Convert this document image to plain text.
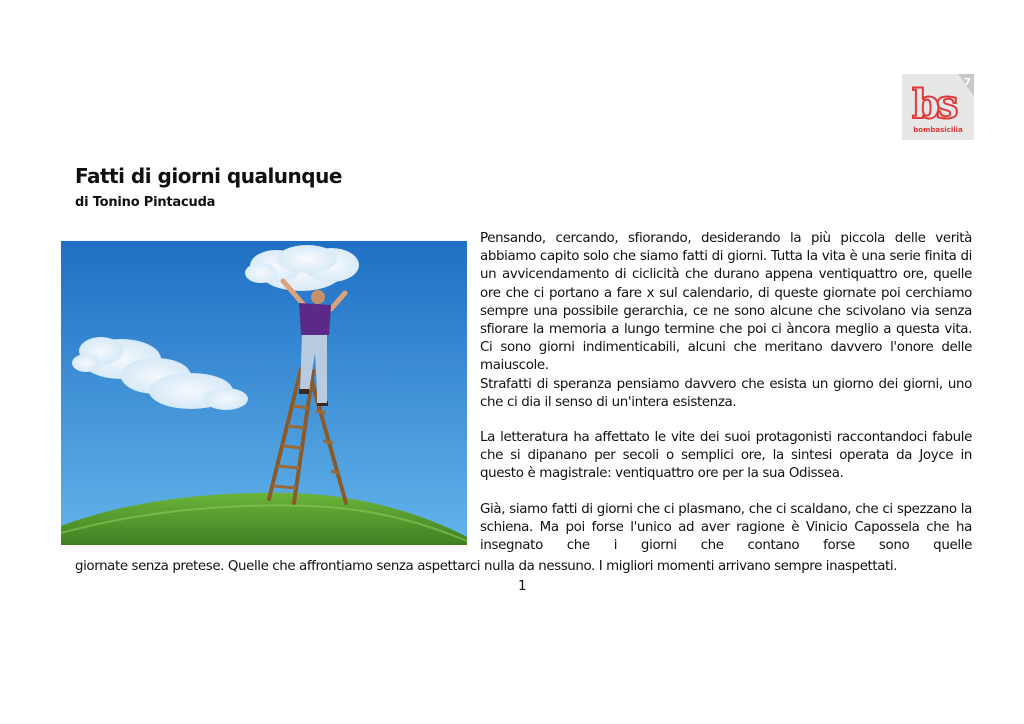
bs 7
bombasicilia
Fatti di giorni qualunque
di Tonino Pintacuda

Pensando, cercando, sfiorando, desiderando la più piccola delle verità abbiamo capito solo che siamo fatti di giorni. Tutta la vita è una serie finita di un avvicendamento di ciclicità che durano appena ventiquattro ore, quelle ore che ci portano a fare x sul calendario, di queste giornate poi cerchiamo sempre una possibile gerarchia, ce ne sono alcune che scivolano via senza sfiorare la memoria a lungo termine che poi ci àncora meglio a questa vita. Ci sono giorni indimenticabili, alcuni che meritano davvero l'onore delle maiuscole.

Strafatti di speranza pensiamo davvero che esista un giorno dei giorni, uno che ci dia il senso di un'intera esistenza.

La letteratura ha affettato le vite dei suoi protagonisti raccontandoci fabule che si dipanano per secoli o semplici ore, la sintesi operata da Joyce in questo è magistrale: ventiquattro ore per la sua Odissea.

Già, siamo fatti di giorni che ci plasmano, che ci scaldano, che ci spezzano la schiena. Ma poi forse l'unico ad aver ragione è Vinicio Capossela che ha insegnato che i giorni che contano forse sono quelle

giornate senza pretese. Quelle che affrontiamo senza aspettarci nulla da nessuno. I migliori momenti arrivano sempre inaspettati.
1
